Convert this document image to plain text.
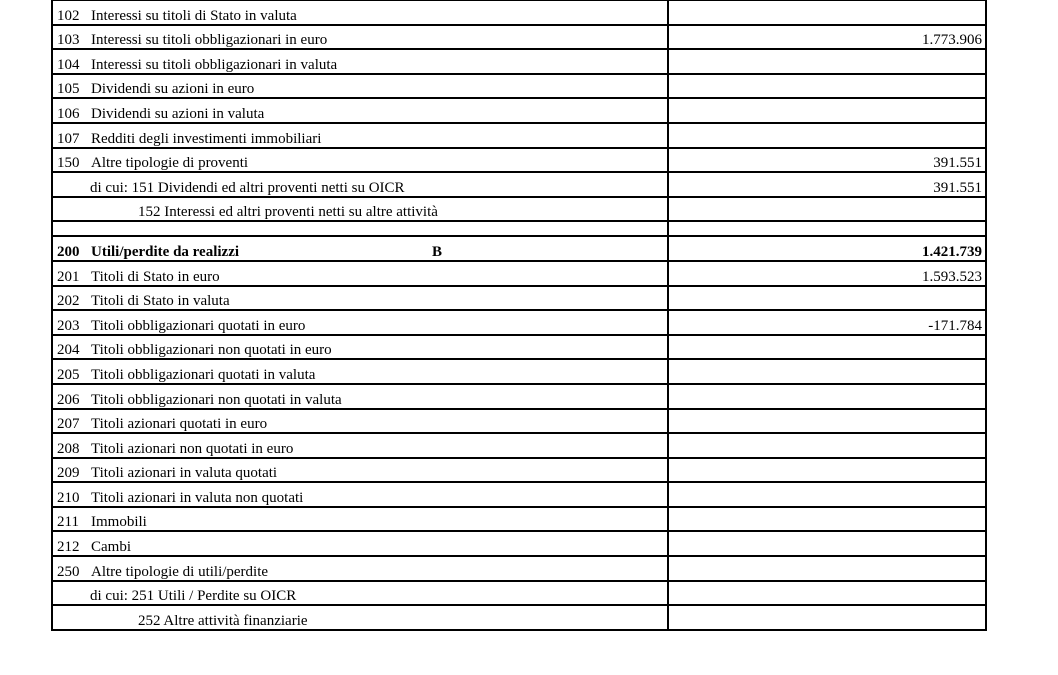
102 Interessi su titoli di Stato in valuta	
103 Interessi su titoli obbligazionari in euro	1.773.906
104 Interessi su titoli obbligazionari in valuta	
105 Dividendi su azioni in euro	
106 Dividendi su azioni in valuta	
107 Redditi degli investimenti immobiliari	
150 Altre tipologie di proventi	391.551
di cui: 151 Dividendi ed altri proventi netti su OICR	391.551
152 Interessi ed altri proventi netti su altre attività	

200 Utili/perdite da realizzi B	1.421.739
201 Titoli di Stato in euro	1.593.523
202 Titoli di Stato in valuta	
203 Titoli obbligazionari quotati in euro	-171.784
204 Titoli obbligazionari non quotati in euro	
205 Titoli obbligazionari quotati in valuta	
206 Titoli obbligazionari non quotati in valuta	
207 Titoli azionari quotati in euro	
208 Titoli azionari non quotati in euro	
209 Titoli azionari in valuta quotati	
210 Titoli azionari in valuta non quotati	
211 Immobili	
212 Cambi	
250 Altre tipologie di utili/perdite	
di cui: 251 Utili / Perdite su OICR	
252 Altre attività finanziarie	
